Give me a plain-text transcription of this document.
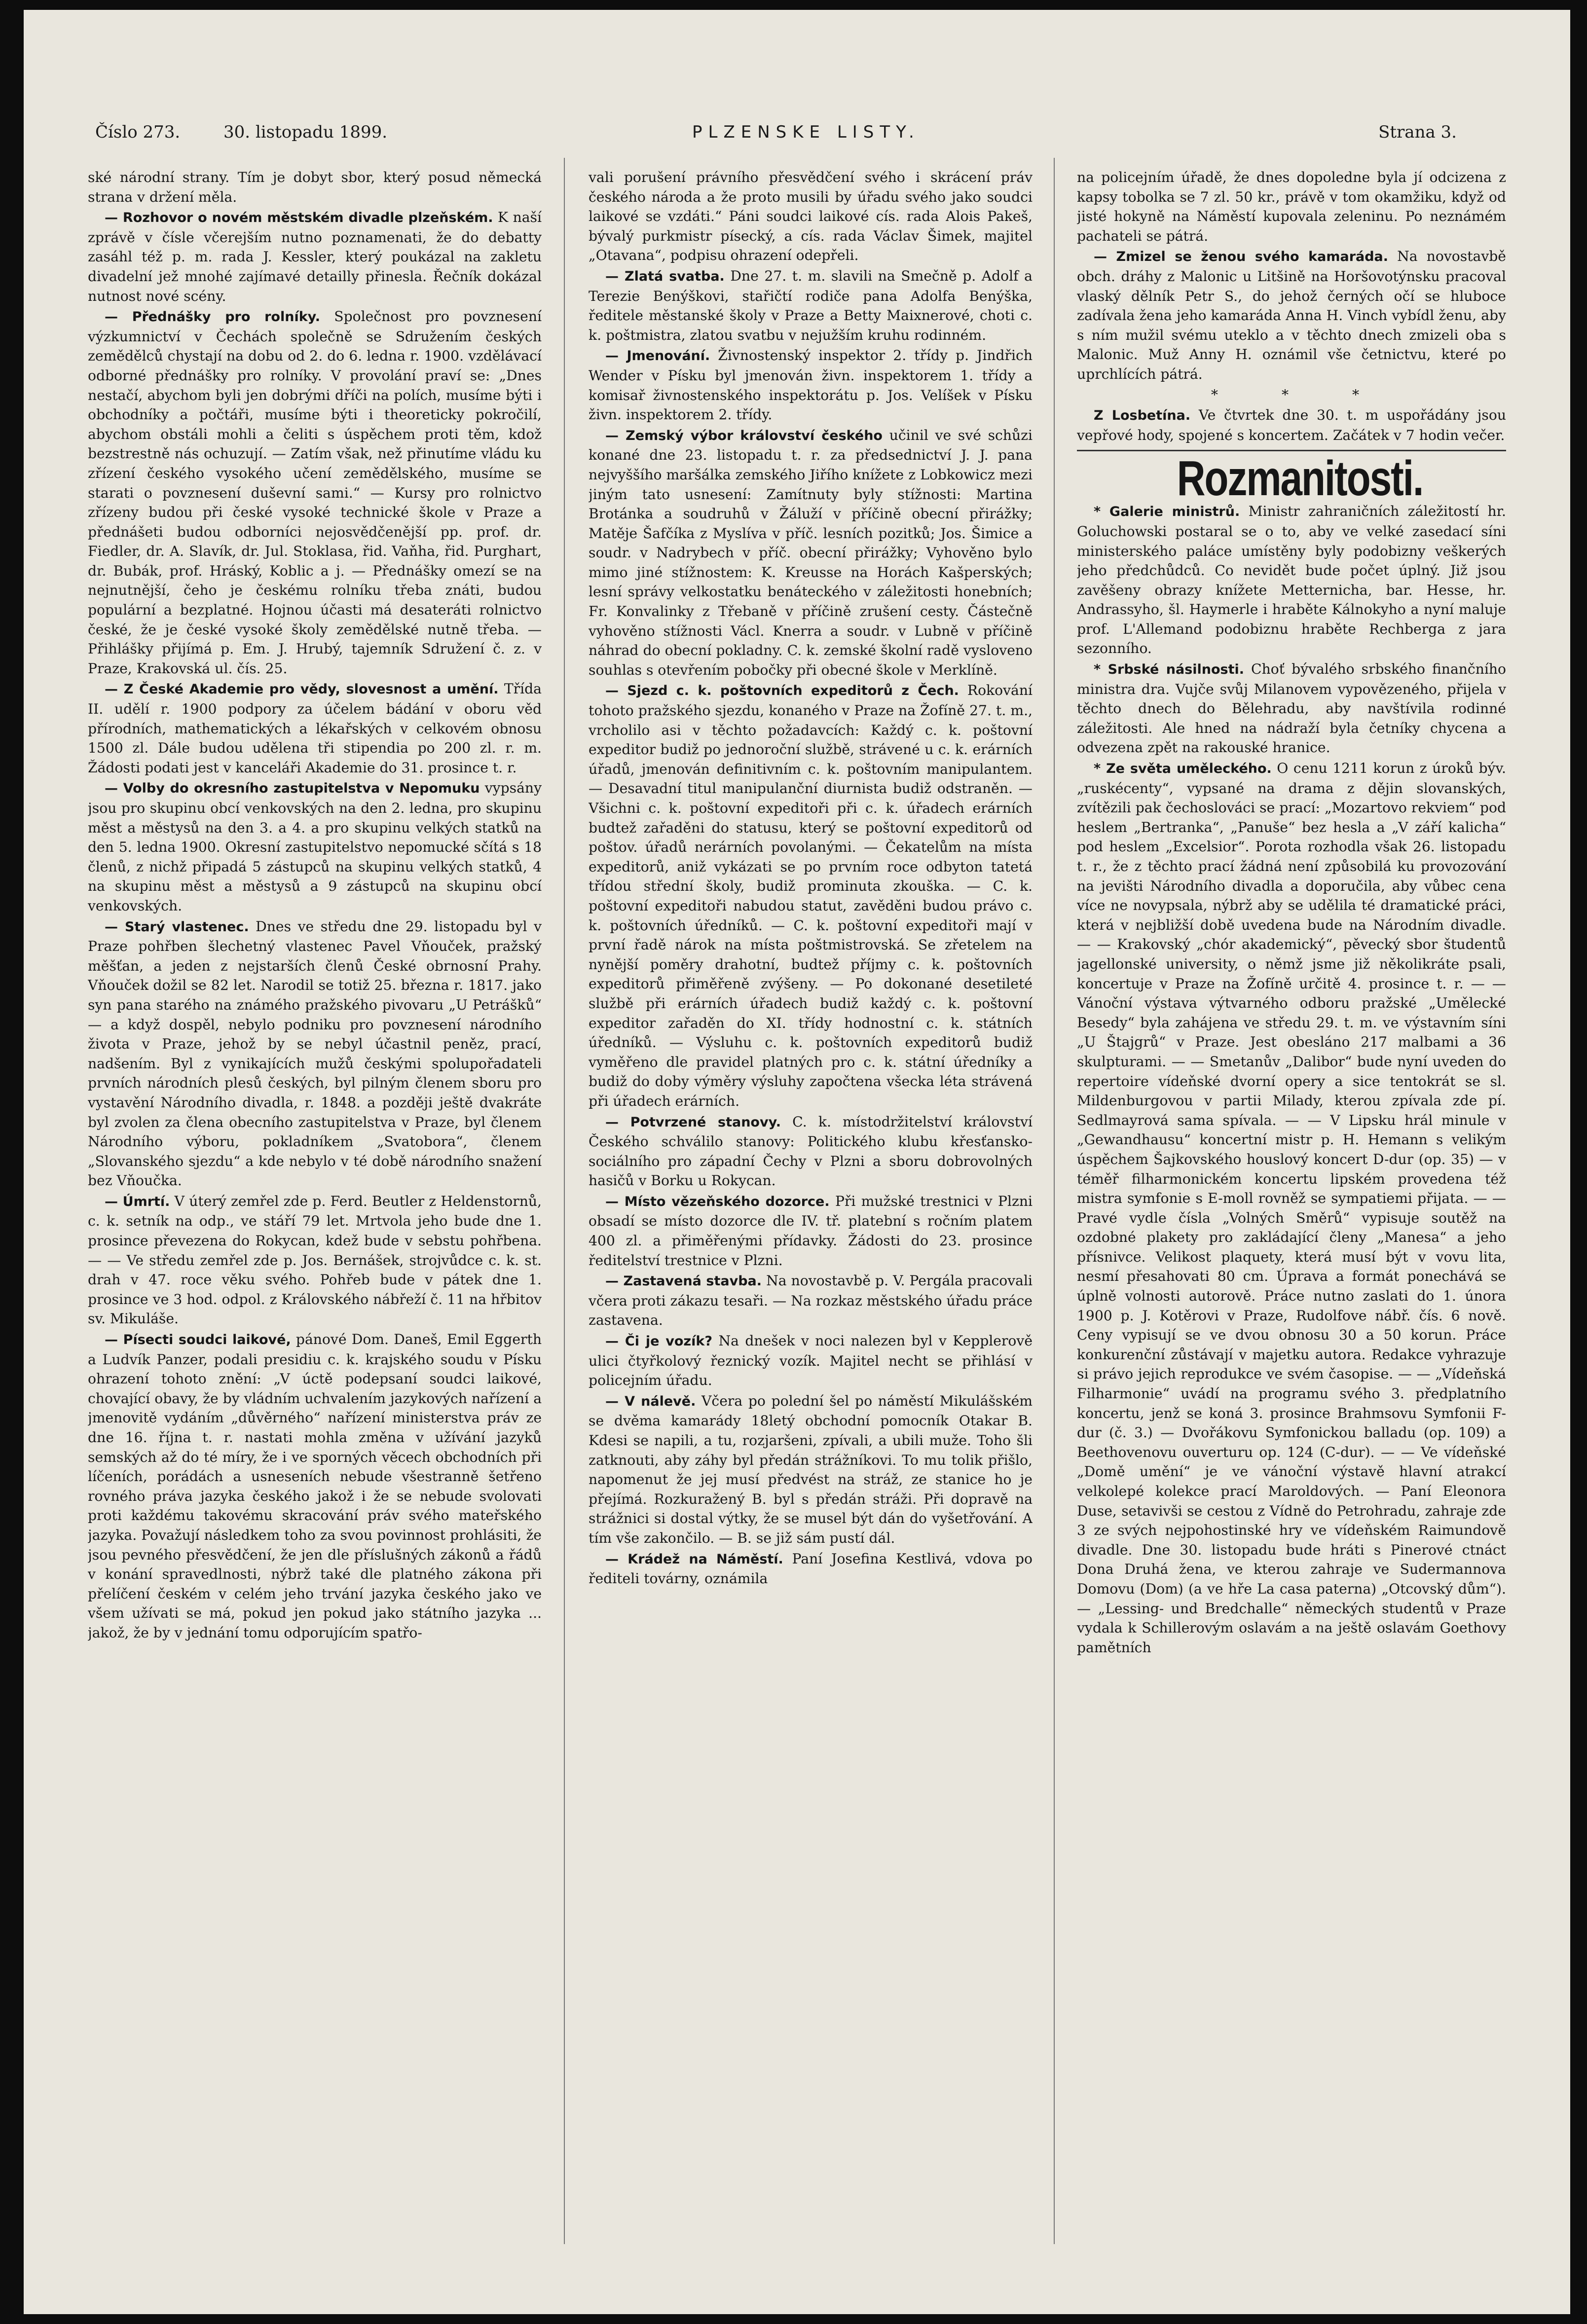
Číslo 273.	30. listopadu 1899.	PLZENSKE LISTY.	Strana 3.

ské národní strany. Tím je dobyt sbor, který posud německá strana v držení měla.

— Rozhovor o novém městském divadle plzeňském. K naší zprávě v čísle včerejším nutno poznamenati, že do debatty zasáhl též p. m. rada J. Kessler, který poukázal na zakletu divadelní jež mnohé zajímavé detailly přinesla. Řečník dokázal nutnost nové scény.

— Přednášky pro rolníky. Společnost pro povznesení výzkumnictví v Čechách společně se Sdružením českých zemědělců chystají na dobu od 2. do 6. ledna r. 1900. vzdělávací odborné přednášky pro rolníky. V provolání praví se: „Dnes nestačí, abychom byli jen dobrými dříči na polích, musíme býti i obchodníky a počtáři, musíme býti i theoreticky pokročilí, abychom obstáli mohli a čeliti s úspěchem proti těm, kdož bezstrestně nás ochuzují. — Zatím však, než přinutíme vládu ku zřízení českého vysokého učení zemědělského, musíme se starati o povznesení duševní sami.“ — Kursy pro rolnictvo zřízeny budou při české vysoké technické škole v Praze a přednášeti budou odborníci nejosvědčenější pp. prof. dr. Fiedler, dr. A. Slavík, dr. Jul. Stoklasa, řid. Vaňha, řid. Purghart, dr. Bubák, prof. Hráský, Koblic a j. — Přednášky omezí se na nejnutnější, čeho je českému rolníku třeba znáti, budou populární a bezplatné. Hojnou účasti má desateráti rolnictvo české, že je české vysoké školy zemědělské nutně třeba. — Přihlášky přijímá p. Em. J. Hrubý, tajemník Sdružení č. z. v Praze, Krakovská ul. čís. 25.

— Z České Akademie pro vědy, slovesnost a umění. Třída II. udělí r. 1900 podpory za účelem bádání v oboru věd přírodních, mathematických a lékařských v celkovém obnosu 1500 zl. Dále budou udělena tři stipendia po 200 zl. r. m. Žádosti podati jest v kanceláři Akademie do 31. prosince t. r.

— Volby do okresního zastupitelstva v Nepomuku vypsány jsou pro skupinu obcí venkovských na den 2. ledna, pro skupinu měst a městysů na den 3. a 4. a pro skupinu velkých statků na den 5. ledna 1900. Okresní zastupitelstvo nepomucké sčítá s 18 členů, z nichž připadá 5 zástupců na skupinu velkých statků, 4 na skupinu měst a městysů a 9 zástupců na skupinu obcí venkovských.

— Starý vlastenec. Dnes ve středu dne 29. listopadu byl v Praze pohřben šlechetný vlastenec Pavel Vňouček, pražský měšťan, a jeden z nejstarších členů České obrnosní Prahy. Vňouček dožil se 82 let. Narodil se totiž 25. března r. 1817. jako syn pana starého na známého pražského pivovaru „U Petrášků“ — a když dospěl, nebylo podniku pro povznesení národního života v Praze, jehož by se nebyl účastnil peněz, prací, nadšením. Byl z vynikajících mužů českými spolupořadateli prvních národních plesů českých, byl pilným členem sboru pro vystavění Národního divadla, r. 1848. a později ještě dvakráte byl zvolen za člena obecního zastupitelstva v Praze, byl členem Národního výboru, pokladníkem „Svatobora“, členem „Slovanského sjezdu“ a kde nebylo v té době národního snažení bez Vňoučka.

— Úmrtí. V úterý zemřel zde p. Ferd. Beutler z Heldenstornů, c. k. setník na odp., ve stáří 79 let. Mrtvola jeho bude dne 1. prosince převezena do Rokycan, kdež bude v sebstu pohřbena. — — Ve středu zemřel zde p. Jos. Bernášek, strojvůdce c. k. st. drah v 47. roce věku svého. Pohřeb bude v pátek dne 1. prosince ve 3 hod. odpol. z Královského nábřeží č. 11 na hřbitov sv. Mikuláše.

— Písecti soudci laikové, pánové Dom. Daneš, Emil Eggerth a Ludvík Panzer, podali presidiu c. k. krajského soudu v Písku ohrazení tohoto znění: „V úctě podepsaní soudci laikové, chovající obavy, že by vládním uchvalením jazykových nařízení a jmenovitě vydáním „důvěrného“ nařízení ministerstva práv ze dne 16. října t. r. nastati mohla změna v užívání jazyků semských až do té míry, že i ve sporných věcech obchodních při líčeních, porádách a usneseních nebude všestranně šetřeno rovného práva jazyka českého jakož i že se nebude svolovati proti každému takovému skracování práv svého mateřského jazyka. Považují následkem toho za svou povinnost prohlásiti, že jsou pevného přesvědčení, že jen dle příslušných zákonů a řádů v konání spravedlnosti, nýbrž také dle platného zákona při přelíčení českém v celém jeho trvání jazyka českého jako ve všem užívati se má, pokud jen pokud jako státního jazyka ... jakož, že by v jednání tomu odporujícím spatřo-

vali porušení právního přesvědčení svého i skrácení práv českého národa a že proto musili by úřadu svého jako soudci laikové se vzdáti.“ Páni soudci laikové cís. rada Alois Pakeš, bývalý purkmistr písecký, a cís. rada Václav Šimek, majitel „Otavana“, podpisu ohrazení odepřeli.

— Zlatá svatba. Dne 27. t. m. slavili na Smečně p. Adolf a Terezie Benýškovi, stařičtí rodiče pana Adolfa Benýška, ředitele městanské školy v Praze a Betty Maixnerové, choti c. k. poštmistra, zlatou svatbu v nejužším kruhu rodinném.

— Jmenování. Živnostenský inspektor 2. třídy p. Jindřich Wender v Písku byl jmenován živn. inspektorem 1. třídy a komisař živnostenského inspektorátu p. Jos. Velíšek v Písku živn. inspektorem 2. třídy.

— Zemský výbor království českého učinil ve své schůzi konané dne 23. listopadu t. r. za předsednictví J. J. pana nejvyššího maršálka zemského Jiřího knížete z Lobkowicz mezi jiným tato usnesení: Zamítnuty byly stížnosti: Martina Brotánka a soudruhů v Žáluží v příčině obecní přirážky; Matěje Šafčíka z Myslíva v příč. lesních pozitků; Jos. Šimice a soudr. v Nadrybech v příč. obecní přirážky; Vyhověno bylo mimo jiné stížnostem: K. Kreusse na Horách Kašperských; lesní správy velkostatku benáteckého v záležitosti honebních; Fr. Konvalinky z Třebaně v příčině zrušení cesty. Částečně vyhověno stížnosti Václ. Knerra a soudr. v Lubně v příčině náhrad do obecní pokladny. C. k. zemské školní radě vysloveno souhlas s otevřením pobočky při obecné škole v Merklíně.

— Sjezd c. k. poštovních expeditorů z Čech. Rokování tohoto pražského sjezdu, konaného v Praze na Žofíně 27. t. m., vrcholilo asi v těchto požadavcích: Každý c. k. poštovní expeditor budiž po jednoroční službě, strávené u c. k. erárních úřadů, jmenován definitivním c. k. poštovním manipulantem. — Desavadní titul manipulanční diurnista budiž odstraněn. — Všichni c. k. poštovní expeditoři při c. k. úřadech erárních budtež zařaděni do statusu, který se poštovní expeditorů od poštov. úřadů nerárních povolanými. — Čekatelům na místa expeditorů, aniž vykázati se po prvním roce odbyton tatetá třídou střední školy, budiž prominuta zkouška. — C. k. poštovní expeditoři nabudou statut, zavěděni budou právo c. k. poštovních úředníků. — C. k. poštovní expeditoři mají v první řadě nárok na místa poštmistrovská. Se zřetelem na nynější poměry drahotní, budtež příjmy c. k. poštovních expeditorů přiměřeně zvýšeny. — Po dokonané desetileté službě při erárních úřadech budiž každý c. k. poštovní expeditor zařaděn do XI. třídy hodnostní c. k. státních úředníků. — Výsluhu c. k. poštovních expeditorů budiž vyměřeno dle pravidel platných pro c. k. státní úředníky a budiž do doby výměry výsluhy započtena všecka léta strávená při úřadech erárních.

— Potvrzené stanovy. C. k. místodržitelství království Českého schválilo stanovy: Politického klubu křesťansko-sociálního pro západní Čechy v Plzni a sboru dobrovolných hasičů v Borku u Rokycan.

— Místo vězeňského dozorce. Při mužské trestnici v Plzni obsadí se místo dozorce dle IV. tř. platební s ročním platem 400 zl. a přiměřenými přídavky. Žádosti do 23. prosince ředitelství trestnice v Plzni.

— Zastavená stavba. Na novostavbě p. V. Pergála pracovali včera proti zákazu tesaři. — Na rozkaz městského úřadu práce zastavena.

— Či je vozík? Na dnešek v noci nalezen byl v Kepplerově ulici čtyřkolový řeznický vozík. Majitel necht se přihlásí v policejním úřadu.

— V nálevě. Včera po polední šel po náměstí Mikulášském se dvěma kamarády 18letý obchodní pomocník Otakar B. Kdesi se napili, a tu, rozjaršeni, zpívali, a ubili muže. Toho šli zatknouti, aby záhy byl předán strážníkovi. To mu tolik přišlo, napomenut že jej musí předvést na stráž, ze stanice ho je přejímá. Rozkuražený B. byl s předán stráži. Při dopravě na strážnici si dostal výtky, že se musel být dán do vyšetřování. A tím vše zakončilo. — B. se již sám pustí dál.

— Krádež na Náměstí. Paní Josefina Kestlivá, vdova po řediteli továrny, oznámila

na policejním úřadě, že dnes dopoledne byla jí odcizena z kapsy tobolka se 7 zl. 50 kr., právě v tom okamžiku, když od jisté hokyně na Náměstí kupovala zeleninu. Po neznámém pachateli se pátrá.

— Zmizel se ženou svého kamaráda. Na novostavbě obch. dráhy z Malonic u Litšině na Horšovotýnsku pracoval vlaský dělník Petr S., do jehož černých očí se hluboce zadívala žena jeho kamaráda Anna H. Vinch vybídl ženu, aby s ním mužil svému uteklo a v těchto dnech zmizeli oba s Malonic. Muž Anny H. oznámil vše četnictvu, které po uprchlících pátrá.

* * *

Z Losbetína. Ve čtvrtek dne 30. t. m uspořádány jsou vepřové hody, spojené s koncertem. Začátek v 7 hodin večer.

Rozmanitosti.

* Galerie ministrů. Ministr zahraničních záležitostí hr. Goluchowski postaral se o to, aby ve velké zasedací síni ministerského paláce umístěny byly podobizny veškerých jeho předchůdců. Co nevidět bude počet úplný. Již jsou zavěšeny obrazy knížete Metternicha, bar. Hesse, hr. Andrassyho, šl. Haymerle i hraběte Kálnokyho a nyní maluje prof. L'Allemand podobiznu hraběte Rechberga z jara sezonního.

* Srbské násilnosti. Choť bývalého srbského finančního ministra dra. Vujče svůj Milanovem vypovězeného, přijela v těchto dnech do Bělehradu, aby navštívila rodinné záležitosti. Ale hned na nádraží byla četníky chycena a odvezena zpět na rakouské hranice.

* Ze světa uměleckého. O cenu 1211 korun z úroků býv. „ruskécenty“, vypsané na drama z dějin slovanských, zvítězili pak čechoslováci se prací: „Mozartovo rekviem“ pod heslem „Bertranka“, „Panuše“ bez hesla a „V září kalicha“ pod heslem „Excelsior“. Porota rozhodla však 26. listopadu t. r., že z těchto prací žádná není způsobilá ku provozování na jevišti Národního divadla a doporučila, aby vůbec cena více ne novypsala, nýbrž aby se udělila té dramatické práci, která v nejbližší době uvedena bude na Národním divadle. — — Krakovský „chór akademický“, pěvecký sbor študentů jagellonské university, o němž jsme již několikráte psali, koncertuje v Praze na Žofíně určitě 4. prosince t. r. — — Vánoční výstava výtvarného odboru pražské „Umělecké Besedy“ byla zahájena ve středu 29. t. m. ve výstavním síni „U Štajgrů“ v Praze. Jest obesláno 217 malbami a 36 skulpturami. — — Smetanův „Dalibor“ bude nyní uveden do repertoire vídeňské dvorní opery a sice tentokrát se sl. Mildenburgovou v partii Milady, kterou zpívala zde pí. Sedlmayrová sama spívala. — — V Lipsku hrál minule v „Gewandhausu“ koncertní mistr p. H. Hemann s velikým úspěchem Šajkovského houslový koncert D-dur (op. 35) — v téměř filharmonickém koncertu lipském provedena též mistra symfonie s E-moll rovněž se sympatiemi přijata. — — Pravé vydle čísla „Volných Směrů“ vypisuje soutěž na ozdobné plakety pro zakládající členy „Manesa“ a jeho přísnivce. Velikost plaquety, která musí být v vovu lita, nesmí přesahovati 80 cm. Úprava a formát ponechává se úplně volnosti autorově. Práce nutno zaslati do 1. února 1900 p. J. Kotěrovi v Praze, Rudolfove nábř. čís. 6 nově. Ceny vypisují se ve dvou obnosu 30 a 50 korun. Práce konkurenční zůstávají v majetku autora. Redakce vyhrazuje si právo jejich reprodukce ve svém časopise. — — „Vídeňská Filharmonie“ uvádí na programu svého 3. předplatního koncertu, jenž se koná 3. prosince Brahmsovu Symfonii F-dur (č. 3.) — Dvořákovu Symfonickou balladu (op. 109) a Beethovenovu ouverturu op. 124 (C-dur). — — Ve vídeňské „Domě umění“ je ve vánoční výstavě hlavní atrakcí velkolepé kolekce prací Maroldových. — Paní Eleonora Duse, setavivši se cestou z Vídně do Petrohradu, zahraje zde 3 ze svých nejpohostinské hry ve vídeňském Raimundově divadle. Dne 30. listopadu bude hráti s Pinerové ctnáct Dona Druhá žena, ve kterou zahraje ve Sudermannova Domovu (Dom) (a ve hře La casa paterna) „Otcovský dům“). — „Lessing- und Bredchalle“ německých studentů v Praze vydala k Schillerovým oslavám a na ještě oslavám Goethovy pamětních
